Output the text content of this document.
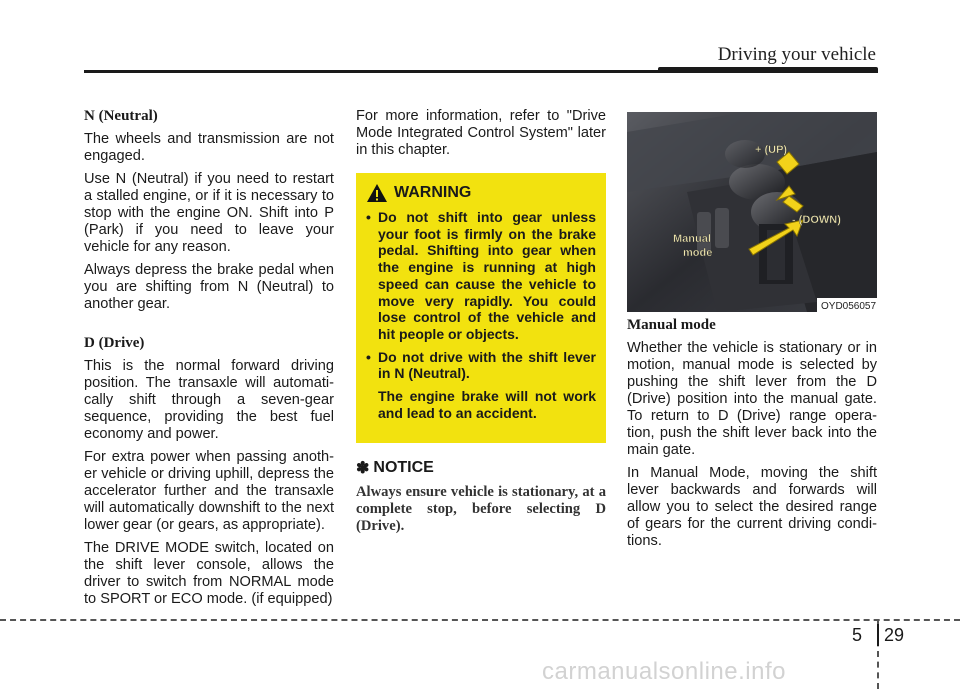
Driving your vehicle
N (Neutral)

The wheels and transmission are not engaged.

Use N (Neutral) if you need to restart a stalled engine, or if it is necessary to stop with the engine ON. Shift into P (Park) if you need to leave your vehicle for any reason.

Always depress the brake pedal when you are shifting from N (Neutral) to another gear.

D (Drive)

This is the normal forward driving position. The transaxle will automati-cally shift through a seven-gear sequence, providing the best fuel economy and power.

For extra power when passing anoth-er vehicle or driving uphill, depress the accelerator further and the transaxle will automatically downshift to the next lower gear (or gears, as appropriate).

The DRIVE MODE switch, located on the shift lever console, allows the driver to switch from NORMAL mode to SPORT or ECO mode. (if equipped)

For more information, refer to "Drive Mode Integrated Control System" later in this chapter.

WARNING
• Do not shift into gear unless your foot is firmly on the brake pedal. Shifting into gear when the engine is running at high speed can cause the vehicle to move very rapidly. You could lose control of the vehicle and hit people or objects.
• Do not drive with the shift lever in N (Neutral).
The engine brake will not work and lead to an accident.
✽ NOTICE
Always ensure vehicle is stationary, at a complete stop, before selecting D (Drive).
+ (UP)
- (DOWN)
Manual
mode
OYD056057
Manual mode

Whether the vehicle is stationary or in motion, manual mode is selected by pushing the shift lever from the D (Drive) position into the manual gate. To return to D (Drive) range opera-tion, push the shift lever back into the main gate.

In Manual Mode, moving the shift lever backwards and forwards will allow you to select the desired range of gears for the current driving condi-tions.

5 29
carmanualsonline.info
